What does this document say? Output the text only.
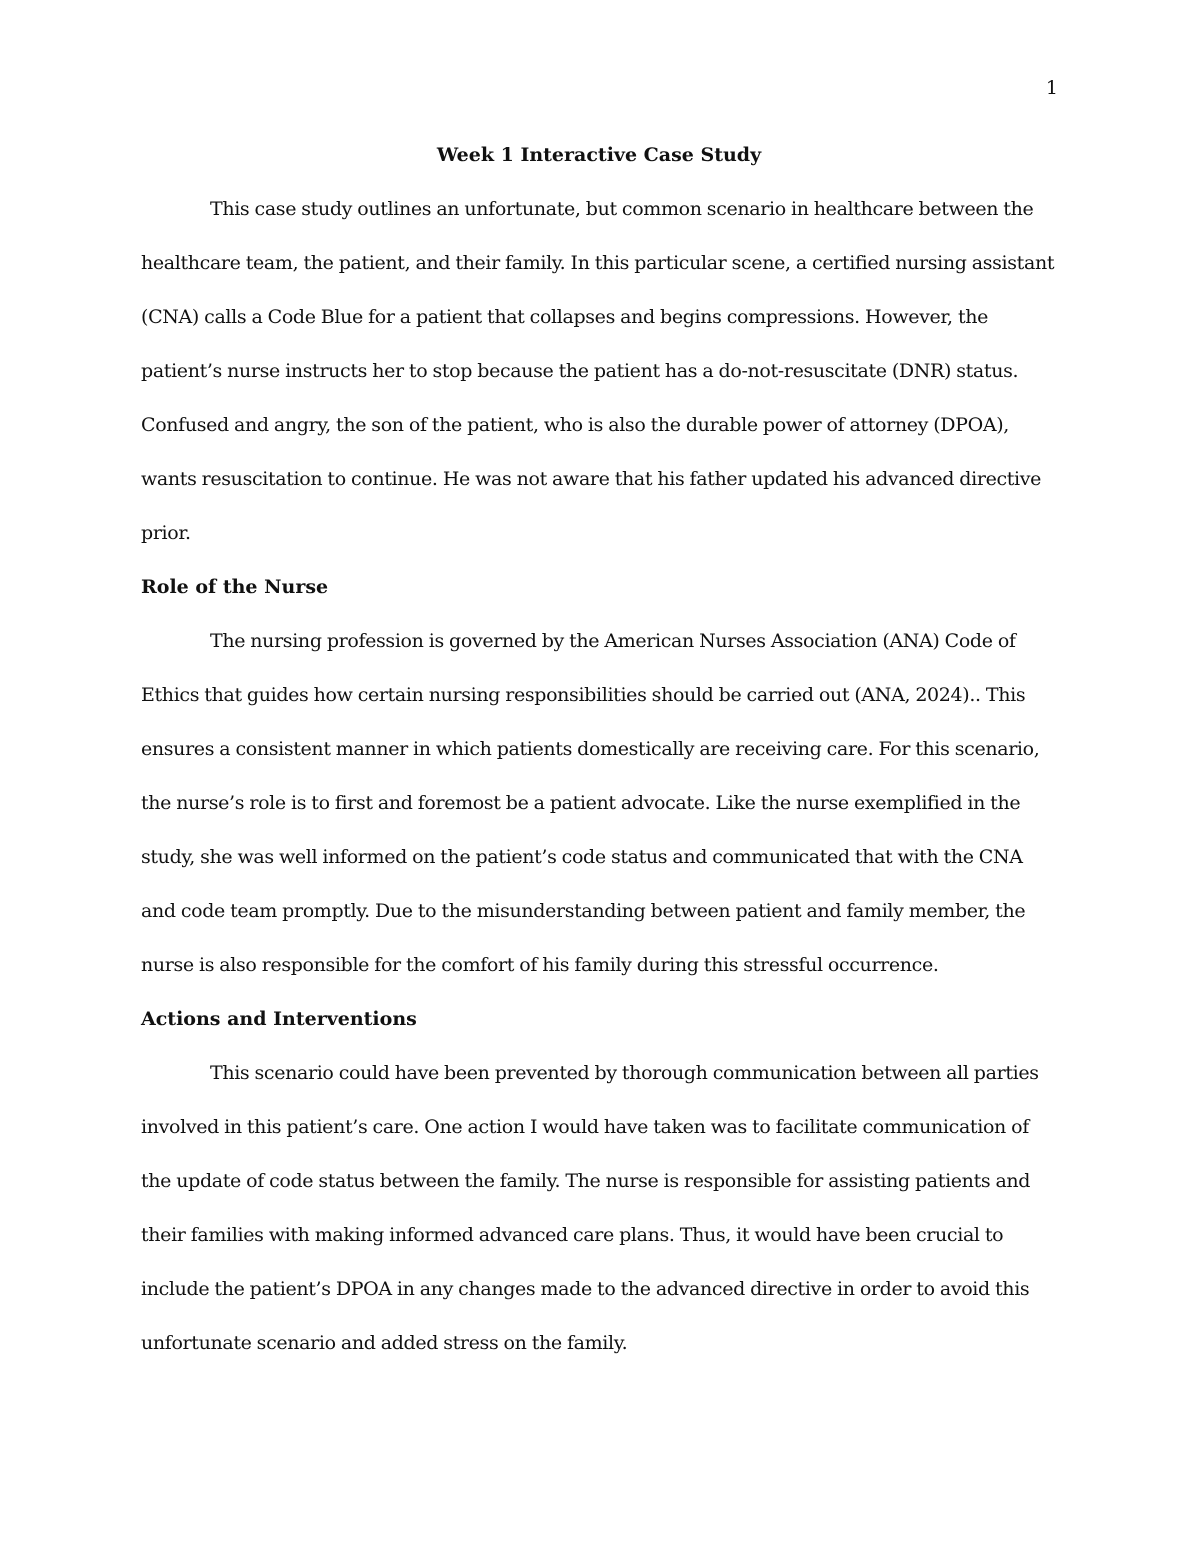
1

Week 1 Interactive Case Study

This case study outlines an unfortunate, but common scenario in healthcare between the healthcare team, the patient, and their family. In this particular scene, a certified nursing assistant (CNA) calls a Code Blue for a patient that collapses and begins compressions. However, the patient’s nurse instructs her to stop because the patient has a do-not-resuscitate (DNR) status. Confused and angry, the son of the patient, who is also the durable power of attorney (DPOA), wants resuscitation to continue. He was not aware that his father updated his advanced directive prior.

Role of the Nurse

The nursing profession is governed by the American Nurses Association (ANA) Code of Ethics that guides how certain nursing responsibilities should be carried out (ANA, 2024).. This ensures a consistent manner in which patients domestically are receiving care. For this scenario, the nurse’s role is to first and foremost be a patient advocate. Like the nurse exemplified in the study, she was well informed on the patient’s code status and communicated that with the CNA and code team promptly. Due to the misunderstanding between patient and family member, the nurse is also responsible for the comfort of his family during this stressful occurrence.

Actions and Interventions

This scenario could have been prevented by thorough communication between all parties involved in this patient’s care. One action I would have taken was to facilitate communication of the update of code status between the family. The nurse is responsible for assisting patients and their families with making informed advanced care plans. Thus, it would have been crucial to include the patient’s DPOA in any changes made to the advanced directive in order to avoid this unfortunate scenario and added stress on the family.
